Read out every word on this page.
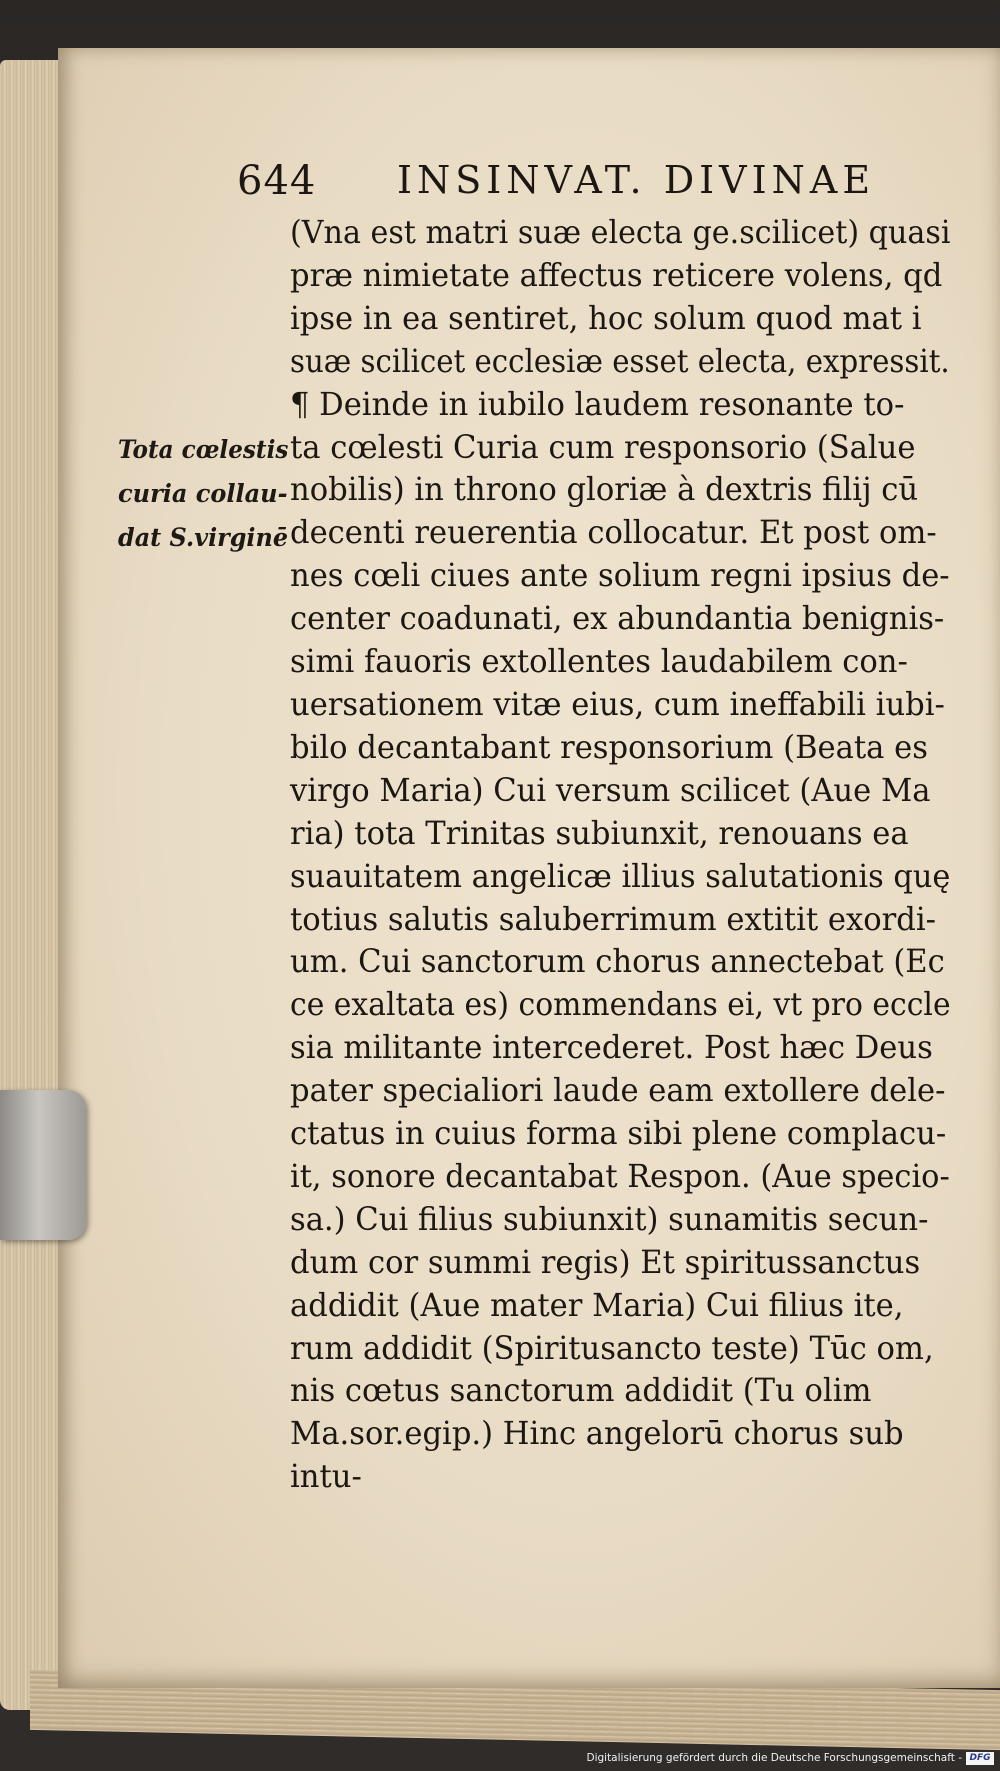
644 INSINVAT. DIVINAE
Tota cœlestis
curia collau-
dat S.virginē
(Vna est matri suæ electa ge.scilicet) quasi
præ nimietate affectus reticere volens, qd
ipse in ea sentiret, hoc solum quod mat i
suæ scilicet ecclesiæ esset electa, expressit.
¶ Deinde in iubilo laudem resonante to-
ta cœlesti Curia cum responsorio (Salue
nobilis) in throno gloriæ à dextris filij cū
decenti reuerentia collocatur. Et post om-
nes cœli ciues ante solium regni ipsius de-
center coadunati, ex abundantia benignis-
simi fauoris extollentes laudabilem con-
uersationem vitæ eius, cum ineffabili iubi-
bilo decantabant responsorium (Beata es
virgo Maria) Cui versum scilicet (Aue Ma
ria) tota Trinitas subiunxit, renouans ea
suauitatem angelicæ illius salutationis quę
totius salutis saluberrimum extitit exordi-
um. Cui sanctorum chorus annectebat (Ec
ce exaltata es) commendans ei, vt pro eccle
sia militante intercederet. Post hæc Deus
pater specialiori laude eam extollere dele-
ctatus in cuius forma sibi plene complacu-
it, sonore decantabat Respon. (Aue specio-
sa.) Cui filius subiunxit) sunamitis secun-
dum cor summi regis) Et spiritussanctus
addidit (Aue mater Maria) Cui filius ite,
rum addidit (Spiritusancto teste) Tūc om,
nis cœtus sanctorum addidit (Tu olim
Ma.sor.egip.) Hinc angelorū chorus sub
intu-
Digitalisierung gefördert durch die Deutsche Forschungsgemeinschaft - DFG
